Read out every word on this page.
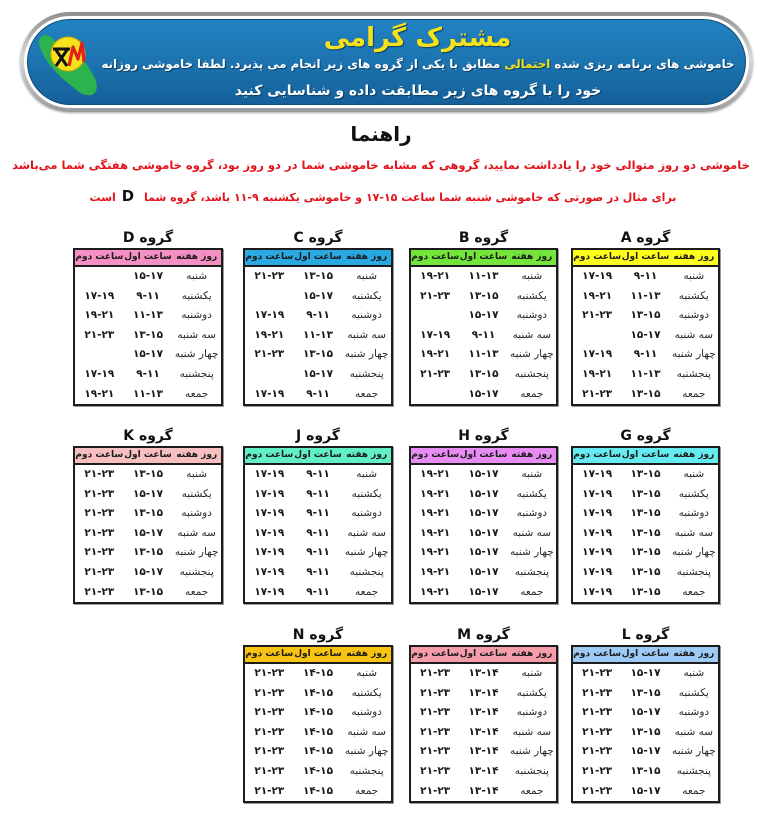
مشترک گرامی
خاموشی های برنامه ریزی شده احتمالی مطابق با یکی از گروه های زیر انجام می پذیرد. لطفا خاموشی روزانه
خود را با گروه های زیر مطابقت داده و شناسایی کنید
راهنما
خاموشی دو روز متوالی خود را یادداشت نمایید، گروهی که مشابه خاموشی شما در دو روز بود، گروه خاموشی هفتگی شما می‌باشد
برای مثال در صورتی که خاموشی شنبه شما ساعت ۱۵-۱۷ و خاموشی یکشنبه ۹-۱۱ باشد، گروه شما Dاست
گروه A
روز هفته
ساعت اول
ساعت دوم
شنبه
۹-۱۱
۱۷-۱۹
یکشنبه
۱۱-۱۳
۱۹-۲۱
دوشنبه
۱۳-۱۵
۲۱-۲۳
سه شنبه
۱۵-۱۷
چهار شنبه
۹-۱۱
۱۷-۱۹
پنجشنبه
۱۱-۱۳
۱۹-۲۱
جمعه
۱۳-۱۵
۲۱-۲۳
گروه B
روز هفته
ساعت اول
ساعت دوم
شنبه
۱۱-۱۳
۱۹-۲۱
یکشنبه
۱۳-۱۵
۲۱-۲۳
دوشنبه
۱۵-۱۷
سه شنبه
۹-۱۱
۱۷-۱۹
چهار شنبه
۱۱-۱۳
۱۹-۲۱
پنجشنبه
۱۳-۱۵
۲۱-۲۳
جمعه
۱۵-۱۷
گروه C
روز هفته
ساعت اول
ساعت دوم
شنبه
۱۳-۱۵
۲۱-۲۳
یکشنبه
۱۵-۱۷
دوشنبه
۹-۱۱
۱۷-۱۹
سه شنبه
۱۱-۱۳
۱۹-۲۱
چهار شنبه
۱۳-۱۵
۲۱-۲۳
پنجشنبه
۱۵-۱۷
جمعه
۹-۱۱
۱۷-۱۹
گروه D
روز هفته
ساعت اول
ساعت دوم
شنبه
۱۵-۱۷
یکشنبه
۹-۱۱
۱۷-۱۹
دوشنبه
۱۱-۱۳
۱۹-۲۱
سه شنبه
۱۳-۱۵
۲۱-۲۳
چهار شنبه
۱۵-۱۷
پنجشنبه
۹-۱۱
۱۷-۱۹
جمعه
۱۱-۱۳
۱۹-۲۱
گروه G
روز هفته
ساعت اول
ساعت دوم
شنبه
۱۳-۱۵
۱۷-۱۹
یکشنبه
۱۳-۱۵
۱۷-۱۹
دوشنبه
۱۳-۱۵
۱۷-۱۹
سه شنبه
۱۳-۱۵
۱۷-۱۹
چهار شنبه
۱۳-۱۵
۱۷-۱۹
پنجشنبه
۱۳-۱۵
۱۷-۱۹
جمعه
۱۳-۱۵
۱۷-۱۹
گروه H
روز هفته
ساعت اول
ساعت دوم
شنبه
۱۵-۱۷
۱۹-۲۱
یکشنبه
۱۵-۱۷
۱۹-۲۱
دوشنبه
۱۵-۱۷
۱۹-۲۱
سه شنبه
۱۵-۱۷
۱۹-۲۱
چهار شنبه
۱۵-۱۷
۱۹-۲۱
پنجشنبه
۱۵-۱۷
۱۹-۲۱
جمعه
۱۵-۱۷
۱۹-۲۱
گروه J
روز هفته
ساعت اول
ساعت دوم
شنبه
۹-۱۱
۱۷-۱۹
یکشنبه
۹-۱۱
۱۷-۱۹
دوشنبه
۹-۱۱
۱۷-۱۹
سه شنبه
۹-۱۱
۱۷-۱۹
چهار شنبه
۹-۱۱
۱۷-۱۹
پنجشنبه
۹-۱۱
۱۷-۱۹
جمعه
۹-۱۱
۱۷-۱۹
گروه K
روز هفته
ساعت اول
ساعت دوم
شنبه
۱۳-۱۵
۲۱-۲۳
یکشنبه
۱۵-۱۷
۲۱-۲۳
دوشنبه
۱۳-۱۵
۲۱-۲۳
سه شنبه
۱۵-۱۷
۲۱-۲۳
چهار شنبه
۱۳-۱۵
۲۱-۲۳
پنجشنبه
۱۵-۱۷
۲۱-۲۳
جمعه
۱۳-۱۵
۲۱-۲۳
گروه L
روز هفته
ساعت اول
ساعت دوم
شنبه
۱۵-۱۷
۲۱-۲۳
یکشنبه
۱۳-۱۵
۲۱-۲۳
دوشنبه
۱۵-۱۷
۲۱-۲۳
سه شنبه
۱۳-۱۵
۲۱-۲۳
چهار شنبه
۱۵-۱۷
۲۱-۲۳
پنجشنبه
۱۳-۱۵
۲۱-۲۳
جمعه
۱۵-۱۷
۲۱-۲۳
گروه M
روز هفته
ساعت اول
ساعت دوم
شنبه
۱۳-۱۴
۲۱-۲۳
یکشنبه
۱۳-۱۴
۲۱-۲۳
دوشنبه
۱۳-۱۴
۲۱-۲۳
سه شنبه
۱۳-۱۴
۲۱-۲۳
چهار شنبه
۱۳-۱۴
۲۱-۲۳
پنجشنبه
۱۳-۱۴
۲۱-۲۳
جمعه
۱۳-۱۴
۲۱-۲۳
گروه N
روز هفته
ساعت اول
ساعت دوم
شنبه
۱۴-۱۵
۲۱-۲۳
یکشنبه
۱۴-۱۵
۲۱-۲۳
دوشنبه
۱۴-۱۵
۲۱-۲۳
سه شنبه
۱۴-۱۵
۲۱-۲۳
چهار شنبه
۱۴-۱۵
۲۱-۲۳
پنجشنبه
۱۴-۱۵
۲۱-۲۳
جمعه
۱۴-۱۵
۲۱-۲۳
